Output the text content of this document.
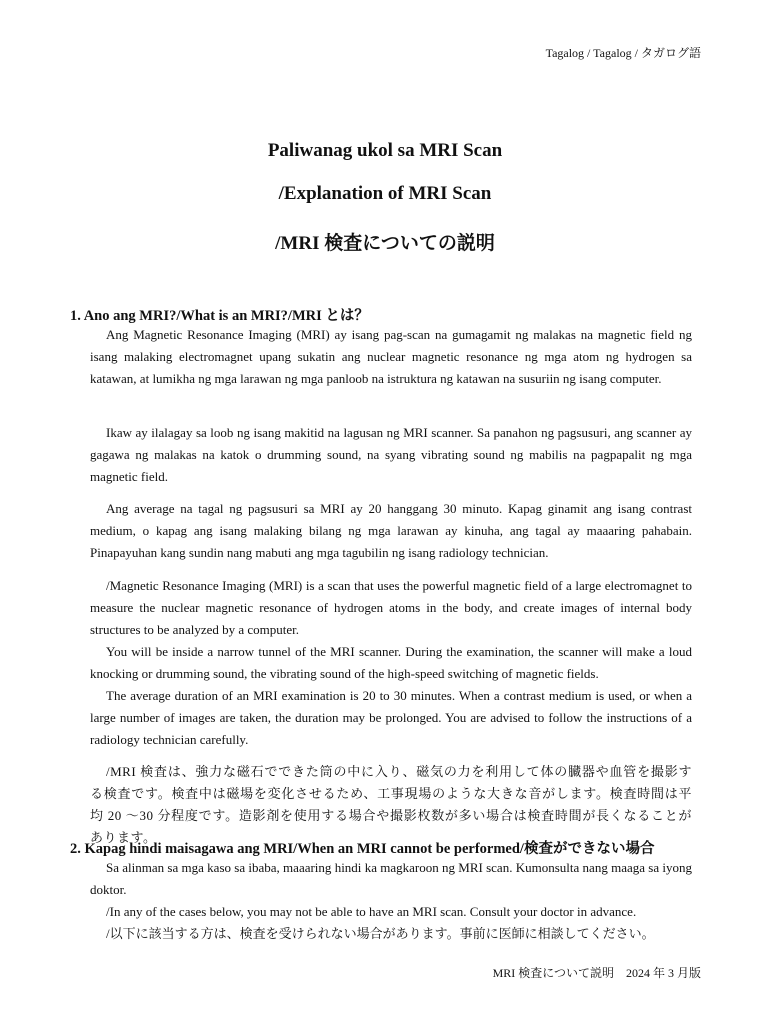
Tagalog / Tagalog / タガログ語
Paliwanag ukol sa MRI Scan
/Explanation of MRI Scan
/MRI 検査についての説明
1. Ano ang MRI?/What is an MRI?/MRI とは？
Ang Magnetic Resonance Imaging (MRI) ay isang pag-scan na gumagamit ng malakas na magnetic field ng isang malaking electromagnet upang sukatin ang nuclear magnetic resonance ng mga atom ng hydrogen sa katawan, at lumikha ng mga larawan ng mga panloob na istruktura ng katawan na susuriin ng isang computer.
Ikaw ay ilalagay sa loob ng isang makitid na lagusan ng MRI scanner. Sa panahon ng pagsusuri, ang scanner ay gagawa ng malakas na katok o drumming sound, na syang vibrating sound ng mabilis na pagpapalit ng mga magnetic field.
Ang average na tagal ng pagsusuri sa MRI ay 20 hanggang 30 minuto. Kapag ginamit ang isang contrast medium, o kapag ang isang malaking bilang ng mga larawan ay kinuha, ang tagal ay maaaring pahabain. Pinapayuhan kang sundin nang mabuti ang mga tagubilin ng isang radiology technician.
/Magnetic Resonance Imaging (MRI) is a scan that uses the powerful magnetic field of a large electromagnet to measure the nuclear magnetic resonance of hydrogen atoms in the body, and create images of internal body structures to be analyzed by a computer.
You will be inside a narrow tunnel of the MRI scanner. During the examination, the scanner will make a loud knocking or drumming sound, the vibrating sound of the high-speed switching of magnetic fields.
The average duration of an MRI examination is 20 to 30 minutes. When a contrast medium is used, or when a large number of images are taken, the duration may be prolonged. You are advised to follow the instructions of a radiology technician carefully.
/MRI 検査は、強力な磁石でできた筒の中に入り、磁気の力を利用して体の臓器や血管を撮影する検査です。検査中は磁場を変化させるため、工事現場のような大きな音がします。検査時間は平均 20 〜30 分程度です。造影剤を使用する場合や撮影枚数が多い場合は検査時間が長くなることがあります。
2. Kapag hindi maisagawa ang MRI/When an MRI cannot be performed/検査ができない場合
Sa alinman sa mga kaso sa ibaba, maaaring hindi ka magkaroon ng MRI scan. Kumonsulta nang maaga sa iyong doktor.
/In any of the cases below, you may not be able to have an MRI scan. Consult your doctor in advance.
/以下に該当する方は、検査を受けられない場合があります。事前に医師に相談してください。
MRI 検査について説明　2024 年 3 月版
